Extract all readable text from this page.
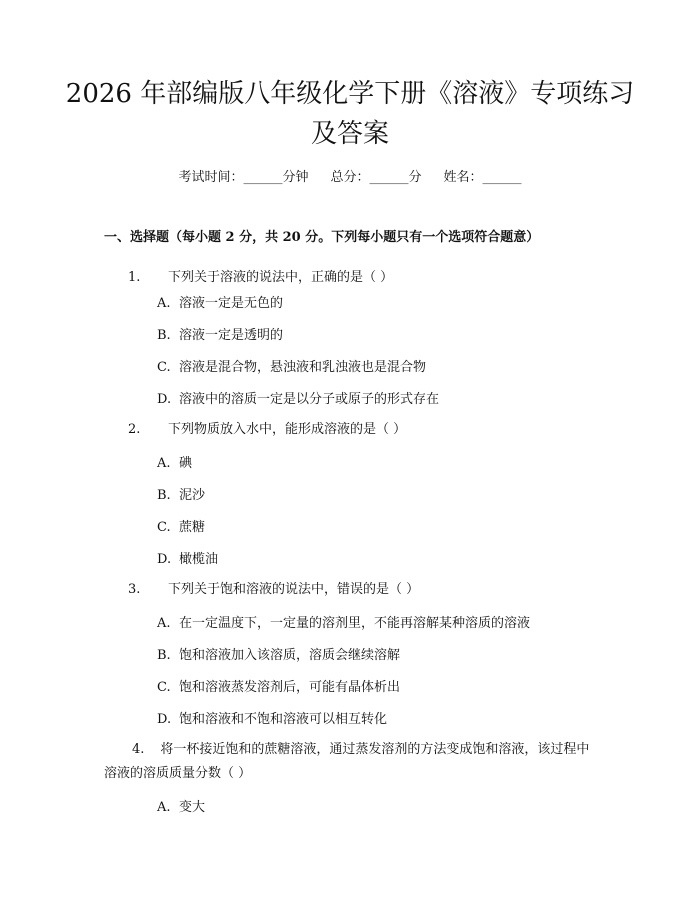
2026 年部编版八年级化学下册《溶液》专项练习及答案
考试时间：______分钟 总分：______分 姓名：______
一、选择题（每小题 2 分，共 20 分。下列每小题只有一个选项符合题意）
1. 下列关于溶液的说法中，正确的是（ ）
A. 溶液一定是无色的
B. 溶液一定是透明的
C. 溶液是混合物，悬浊液和乳浊液也是混合物
D. 溶液中的溶质一定是以分子或原子的形式存在
2. 下列物质放入水中，能形成溶液的是（ ）
A. 碘
B. 泥沙
C. 蔗糖
D. 橄榄油
3. 下列关于饱和溶液的说法中，错误的是（ ）
A. 在一定温度下，一定量的溶剂里，不能再溶解某种溶质的溶液
B. 饱和溶液加入该溶质，溶质会继续溶解
C. 饱和溶液蒸发溶剂后，可能有晶体析出
D. 饱和溶液和不饱和溶液可以相互转化
4. 将一杯接近饱和的蔗糖溶液，通过蒸发溶剂的方法变成饱和溶液，该过程中溶液的溶质质量分数（ ）
A. 变大
